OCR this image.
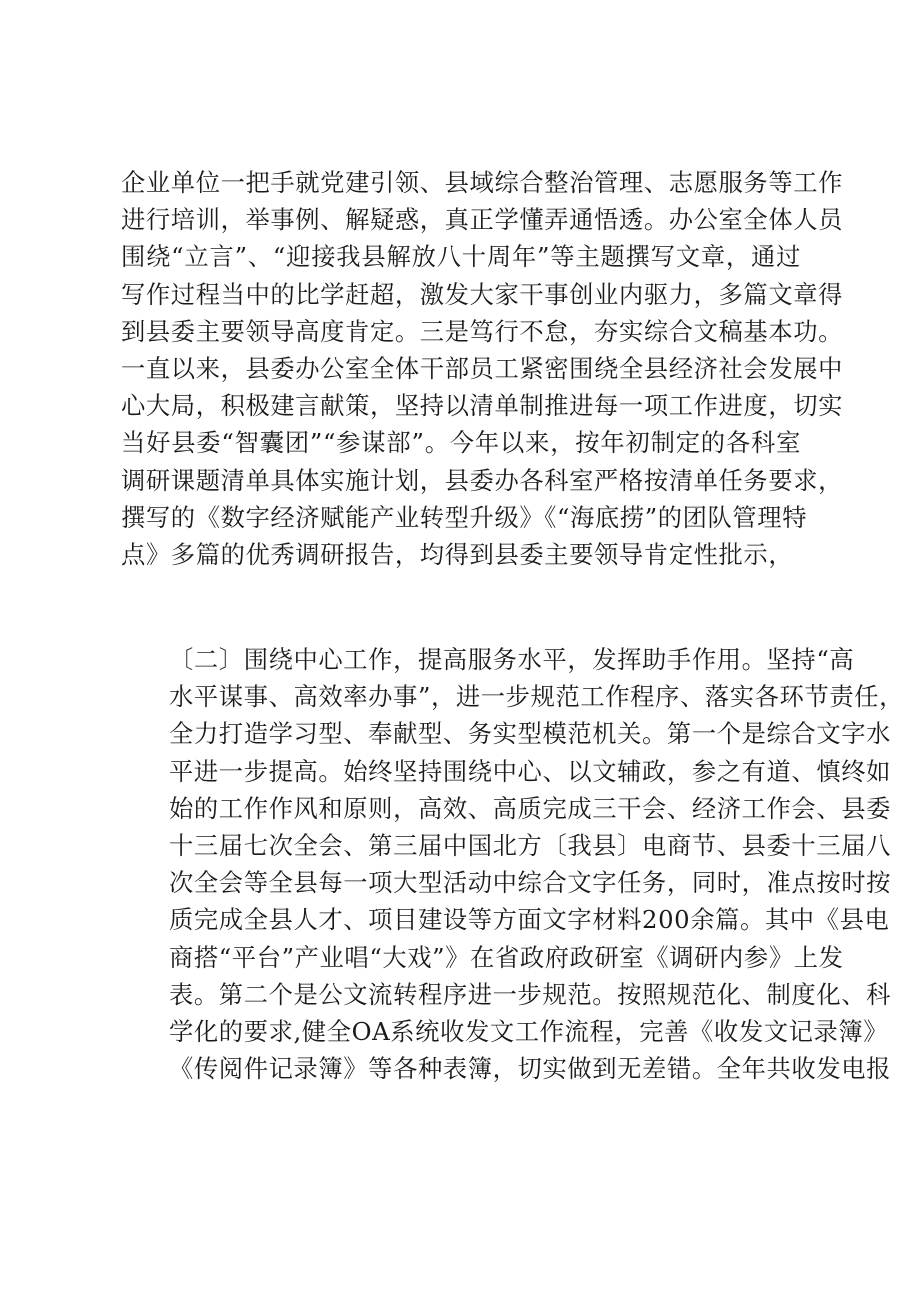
企业单位一把手就党建引领、县域综合整治管理、志愿服务等工作
进行培训，举事例、解疑惑，真正学懂弄通悟透。办公室全体人员
围绕“立言”、“迎接我县解放八十周年”等主题撰写文章，通过
写作过程当中的比学赶超，激发大家干事创业内驱力，多篇文章得
到县委主要领导高度肯定。三是笃行不怠，夯实综合文稿基本功。
一直以来，县委办公室全体干部员工紧密围绕全县经济社会发展中
心大局，积极建言献策，坚持以清单制推进每一项工作进度，切实
当好县委“智囊团”“参谋部”。今年以来，按年初制定的各科室
调研课题清单具体实施计划，县委办各科室严格按清单任务要求，
撰写的《数字经济赋能产业转型升级》《“海底捞”的团队管理特
点》多篇的优秀调研报告，均得到县委主要领导肯定性批示，
〔二〕围绕中心工作，提高服务水平，发挥助手作用。坚持“高
水平谋事、高效率办事”，进一步规范工作程序、落实各环节责任，
全力打造学习型、奉献型、务实型模范机关。第一个是综合文字水
平进一步提高。始终坚持围绕中心、以文辅政，参之有道、慎终如
始的工作作风和原则，高效、高质完成三干会、经济工作会、县委
十三届七次全会、第三届中国北方〔我县〕电商节、县委十三届八
次全会等全县每一项大型活动中综合文字任务，同时，准点按时按
质完成全县人才、项目建设等方面文字材料200余篇。其中《县电
商搭“平台”产业唱“大戏”》在省政府政研室《调研内参》上发
表。第二个是公文流转程序进一步规范。按照规范化、制度化、科
学化的要求,健全OA系统收发文工作流程，完善《收发文记录簿》
《传阅件记录簿》等各种表簿，切实做到无差错。全年共收发电报
